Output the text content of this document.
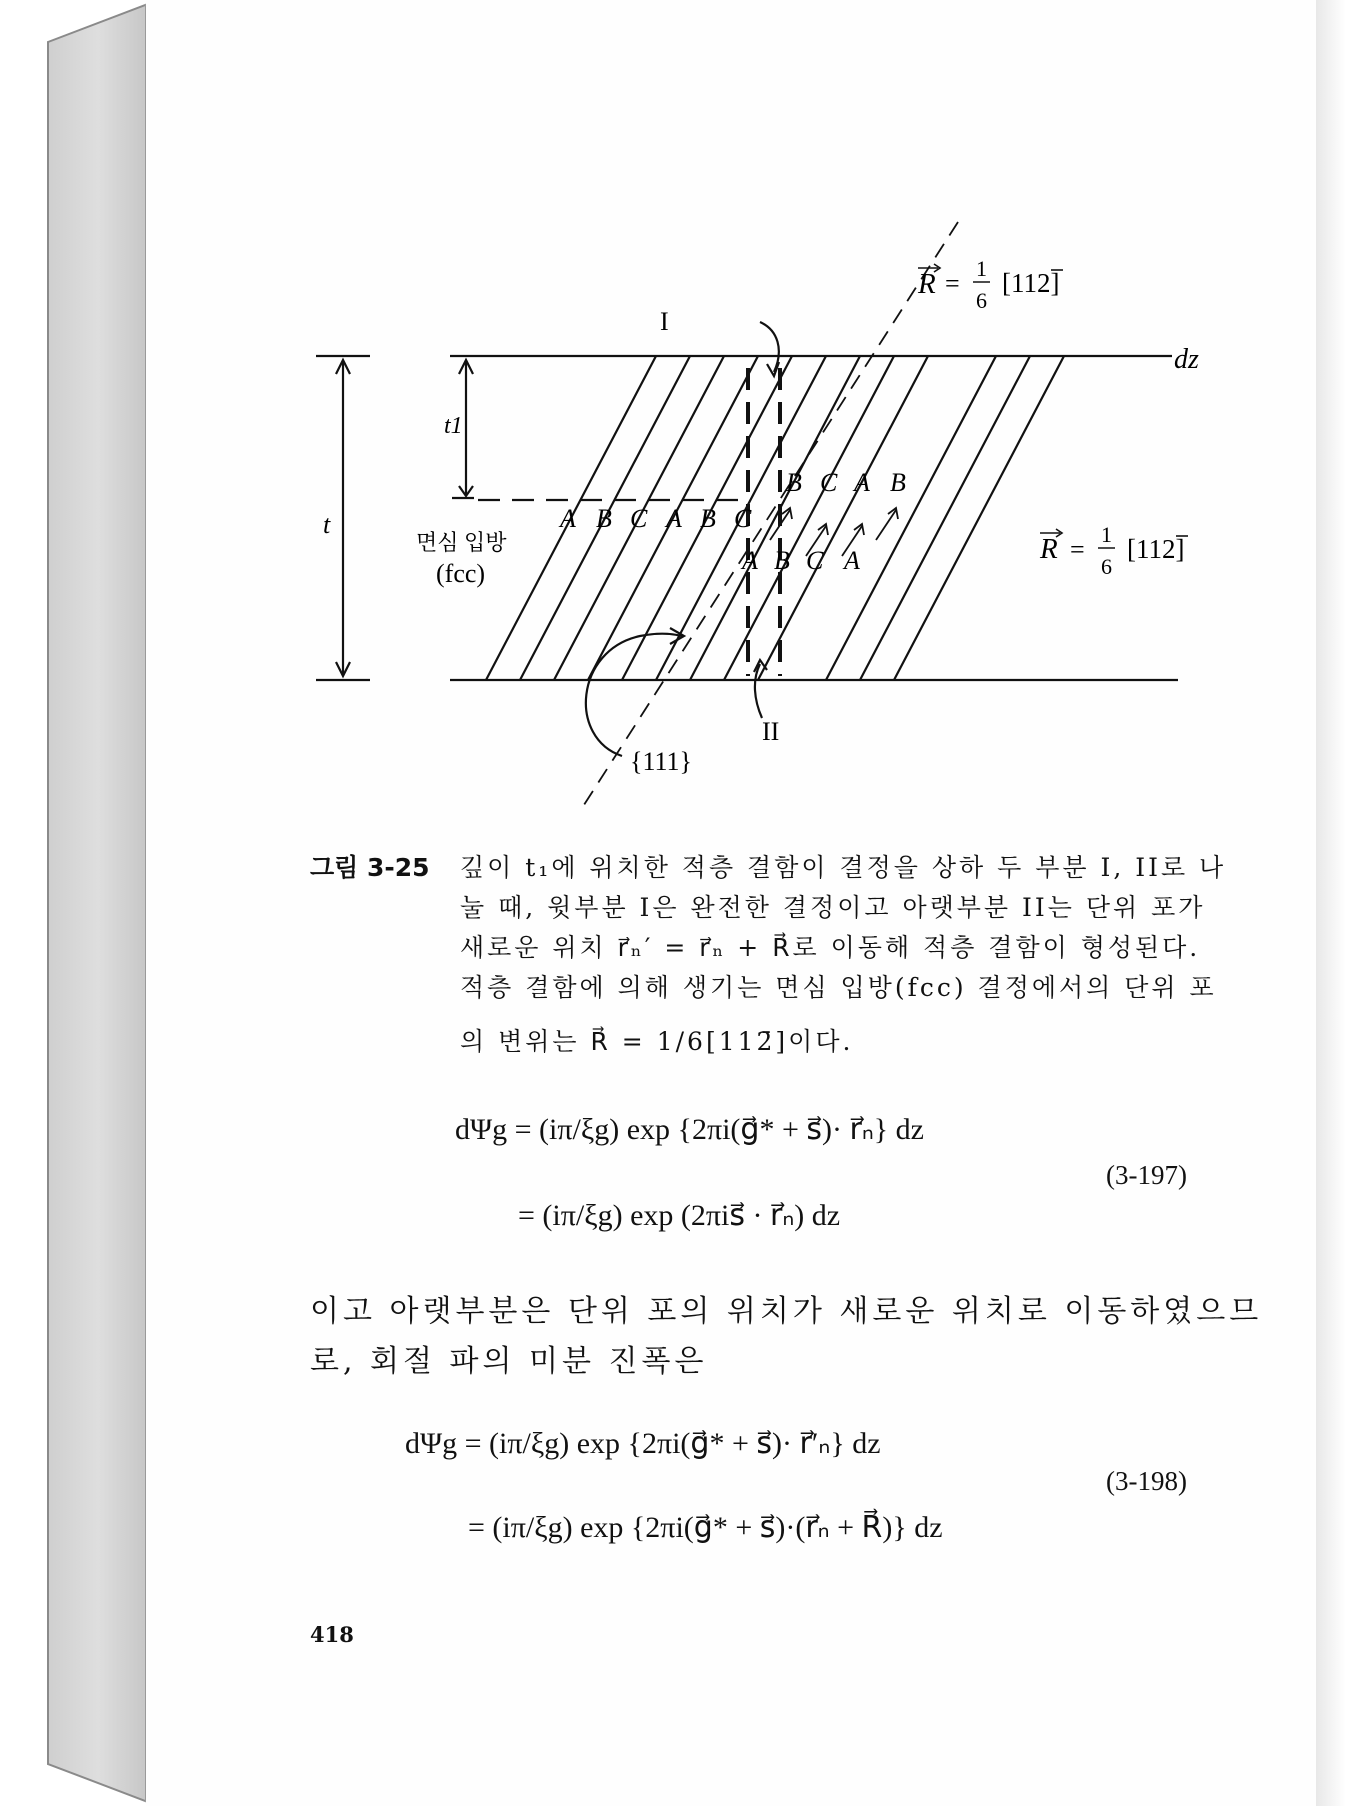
I
II
t
t1
dz
면심 입방
(fcc)
{111}
R =
1
6
[112]
R =
1
6
[112]
A B C A B C
B C A B
A B C A
그림 3-25 깊이 t₁에 위치한 적층 결함이 결정을 상하 두 부분 I, II로 나
눌 때, 윗부분 I은 완전한 결정이고 아랫부분 II는 단위 포가
새로운 위치 r⃗ₙ′ = r⃗ₙ + R⃗로 이동해 적층 결함이 형성된다.
적층 결함에 의해 생기는 면심 입방(fcc) 결정에서의 단위 포
의 변위는 R⃗ = 1/6[112̄]이다.
dΨg = (iπ/ξg) exp {2πi(g⃗* + s⃗)· r⃗ₙ} dz
= (iπ/ξg) exp (2πis⃗ · r⃗ₙ) dz
(3-197)
이고 아랫부분은 단위 포의 위치가 새로운 위치로 이동하였으므
로, 회절 파의 미분 진폭은
dΨg = (iπ/ξg) exp {2πi(g⃗* + s⃗)· r⃗′ₙ} dz
= (iπ/ξg) exp {2πi(g⃗* + s⃗)·(r⃗ₙ + R⃗)} dz
(3-198)
418
